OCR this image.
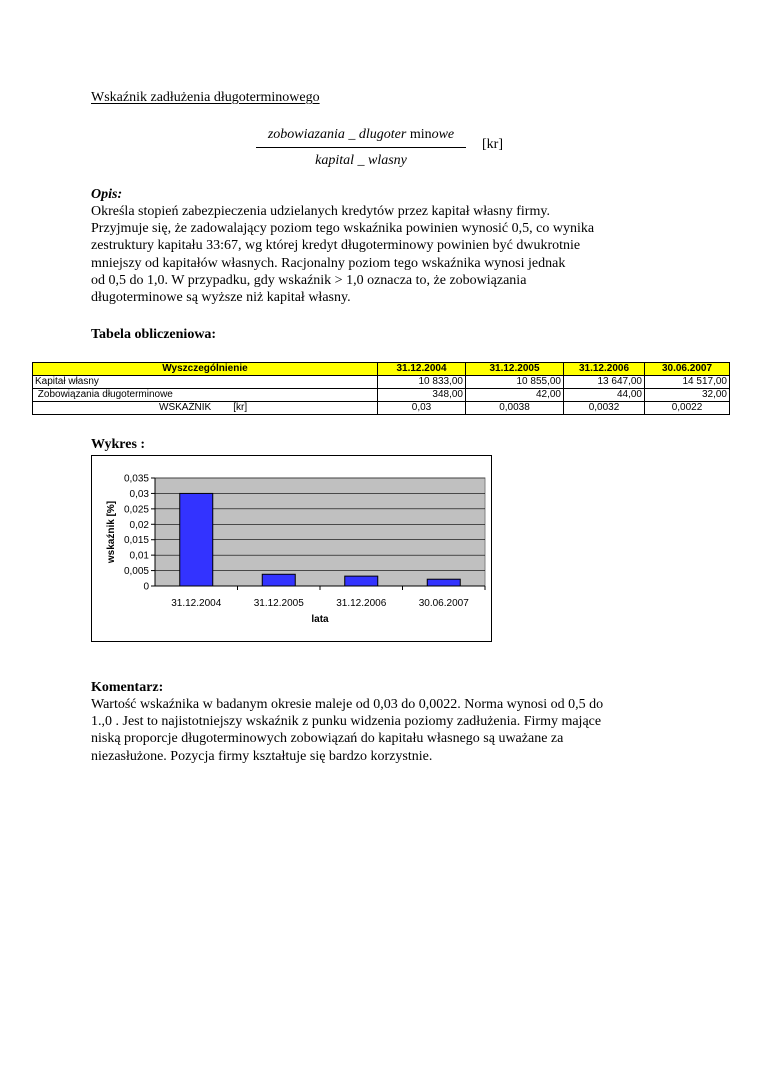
Wskaźnik zadłużenia długoterminowego
zobowiazania _ dlugoter minowe
kapital _ wlasny
[kr]
Opis:
Określa stopień zabezpieczenia udzielanych kredytów przez kapitał własny firmy.
Przyjmuje się, że zadowalający poziom tego wskaźnika powinien wynosić 0,5, co wynika
zestruktury kapitału 33:67, wg której kredyt długoterminowy powinien być dwukrotnie
mniejszy od kapitałów własnych. Racjonalny poziom tego wskaźnika wynosi jednak
od 0,5 do 1,0. W przypadku, gdy wskaźnik > 1,0 oznacza to, że zobowiązania
długoterminowe są wyższe niż kapitał własny.
Tabela obliczeniowa:
Wyszczególnienie	31.12.2004	31.12.2005	31.12.2006	30.06.2007
Kapitał własny	10 833,00	10 855,00	13 647,00	14 517,00
Zobowiązania długoterminowe	348,00	42,00	44,00	32,00
WSKAŹNIK [kr]	0,03	0,0038	0,0032	0,0022
Wykres :
0
0,005
0,01
0,015
0,02
0,025
0,03
0,035
31.12.2004	31.12.2005	31.12.2006	30.06.2007
lata
wskaźnik [%]
Komentarz:
Wartość wskaźnika w badanym okresie maleje od 0,03 do 0,0022. Norma wynosi od 0,5 do
1.,0 . Jest to najistotniejszy wskaźnik z punku widzenia poziomy zadłużenia. Firmy mające
niską proporcje długoterminowych zobowiązań do kapitału własnego są uważane za
niezasłużone. Pozycja firmy kształtuje się bardzo korzystnie.
